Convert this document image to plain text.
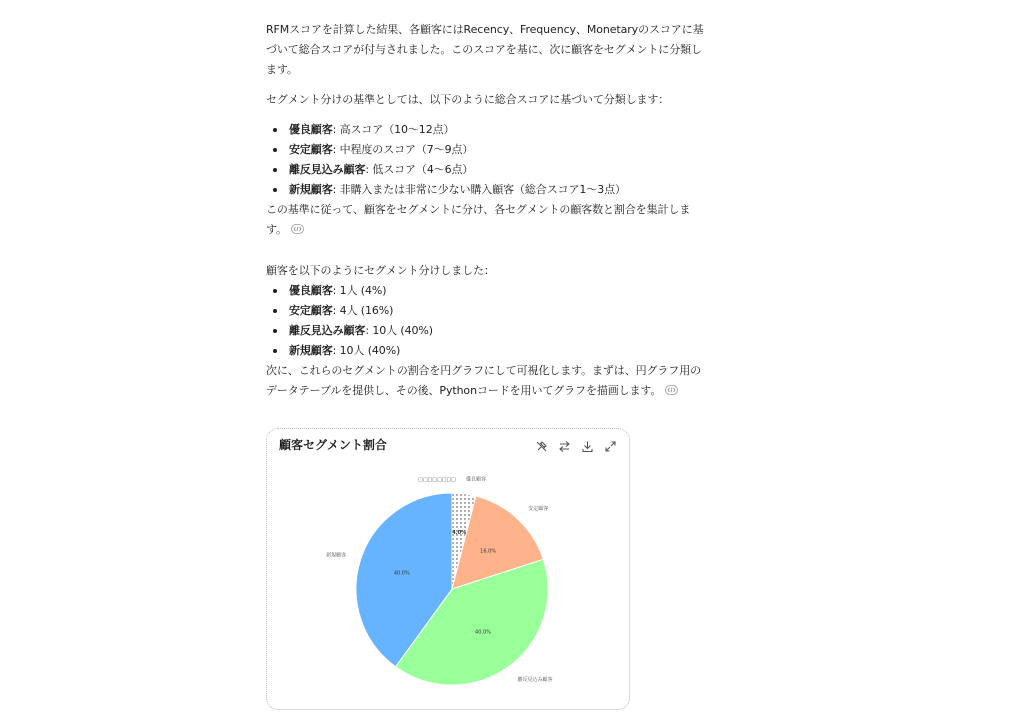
RFMスコアを計算した結果、各顧客にはRecency、Frequency、Monetaryのスコアに基
づいて総合スコアが付与されました。このスコアを基に、次に顧客をセグメントに分類し
ます。

セグメント分けの基準としては、以下のように総合スコアに基づいて分類します：

優良顧客: 高スコア（10〜12点）
安定顧客: 中程度のスコア（7〜9点）
離反見込み顧客: 低スコア（4〜6点）
新規顧客: 非購入または非常に少ない購入顧客（総合スコア1〜3点）

この基準に従って、顧客をセグメントに分け、各セグメントの顧客数と割合を集計しま
す。

顧客を以下のようにセグメント分けしました：

優良顧客: 1人 (4%)
安定顧客: 4人 (16%)
離反見込み顧客: 10人 (40%)
新規顧客: 10人 (40%)

次に、これらのセグメントの割合を円グラフにして可視化します。まずは、円グラフ用の
データテーブルを提供し、その後、Pythonコードを用いてグラフを描画します。

顧客セグメント割合
4.0%
優良顧客
16.0%
安定顧客
40.0%
離反見込み顧客
40.0%
新規顧客
□□□□□□□□
